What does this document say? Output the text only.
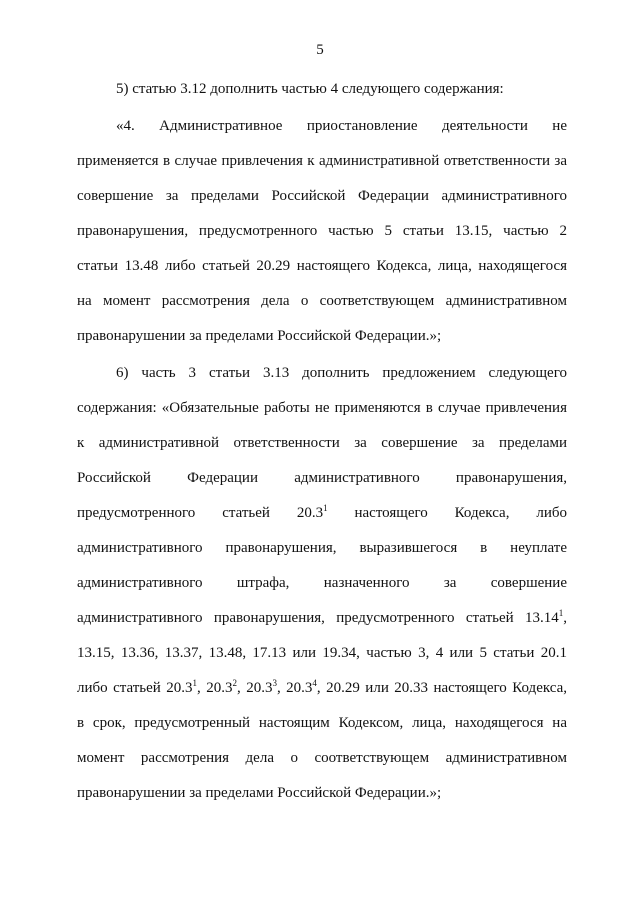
5
5) статью 3.12 дополнить частью 4 следующего содержания:
«4. Административное приостановление деятельности не
применяется в случае привлечения к административной ответственности за
совершение за пределами Российской Федерации административного
правонарушения, предусмотренного частью 5 статьи 13.15, частью 2
статьи 13.48 либо статьей 20.29 настоящего Кодекса, лица, находящегося
на момент рассмотрения дела о соответствующем административном
правонарушении за пределами Российской Федерации.»;
6) часть 3 статьи 3.13 дополнить предложением следующего
содержания: «Обязательные работы не применяются в случае привлечения
к административной ответственности за совершение за пределами
Российской Федерации административного правонарушения,
предусмотренного статьей 20.3$^1$ настоящего Кодекса, либо
административного правонарушения, выразившегося в неуплате
административного штрафа, назначенного за совершение
административного правонарушения, предусмотренного статьей 13.14$^1$,
13.15, 13.36, 13.37, 13.48, 17.13 или 19.34, частью 3, 4 или 5 статьи 20.1
либо статьей 20.3$^1$, 20.3$^2$, 20.3$^3$, 20.3$^4$, 20.29 или 20.33 настоящего Кодекса,
в срок, предусмотренный настоящим Кодексом, лица, находящегося на
момент рассмотрения дела о соответствующем административном
правонарушении за пределами Российской Федерации.»;
